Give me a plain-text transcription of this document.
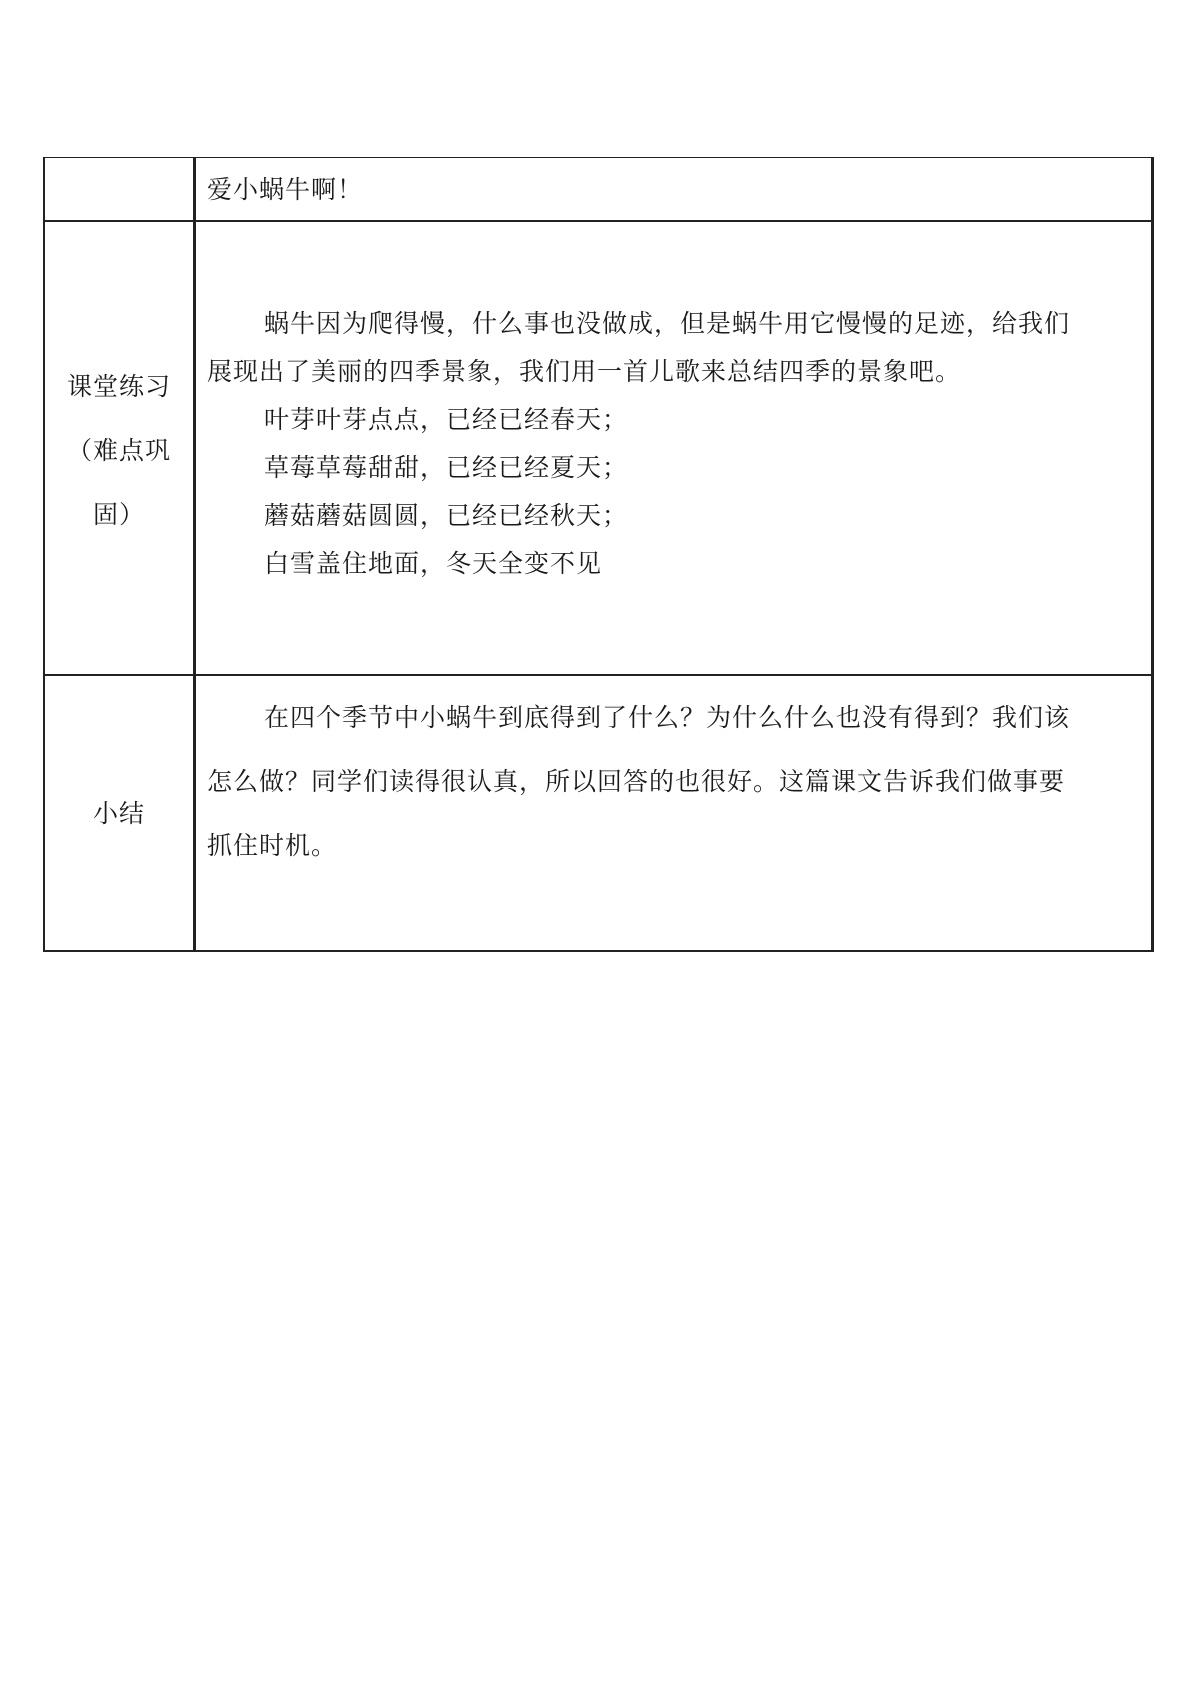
爱小蜗牛啊！
课堂练习
（难点巩
固）

蜗牛因为爬得慢，什么事也没做成，但是蜗牛用它慢慢的足迹，给我们

展现出了美丽的四季景象，我们用一首儿歌来总结四季的景象吧。

叶芽叶芽点点，已经已经春天；

草莓草莓甜甜，已经已经夏天；

蘑菇蘑菇圆圆，已经已经秋天；

白雪盖住地面，冬天全变不见

小结

在四个季节中小蜗牛到底得到了什么？为什么什么也没有得到？我们该

怎么做？同学们读得很认真，所以回答的也很好。这篇课文告诉我们做事要

抓住时机。
